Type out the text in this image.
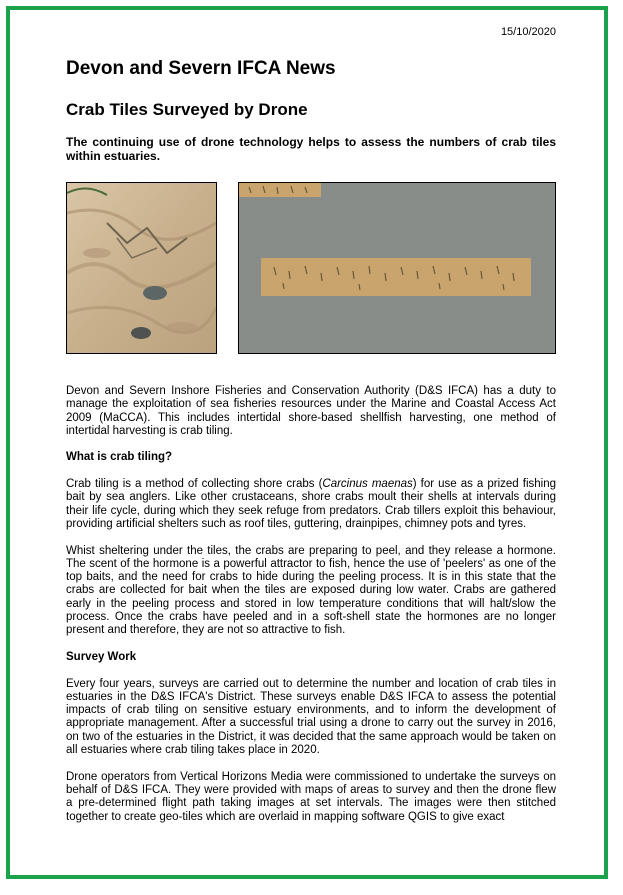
15/10/2020
Devon and Severn IFCA News
Crab Tiles Surveyed by Drone
The continuing use of drone technology helps to assess the numbers of crab tiles within estuaries.

Devon and Severn Inshore Fisheries and Conservation Authority (D&S IFCA) has a duty to manage the exploitation of sea fisheries resources under the Marine and Coastal Access Act 2009 (MaCCA). This includes intertidal shore-based shellfish harvesting, one method of intertidal harvesting is crab tiling.

What is crab tiling?

Crab tiling is a method of collecting shore crabs (Carcinus maenas) for use as a prized fishing bait by sea anglers. Like other crustaceans, shore crabs moult their shells at intervals during their life cycle, during which they seek refuge from predators. Crab tillers exploit this behaviour, providing artificial shelters such as roof tiles, guttering, drainpipes, chimney pots and tyres.

Whist sheltering under the tiles, the crabs are preparing to peel, and they release a hormone. The scent of the hormone is a powerful attractor to fish, hence the use of 'peelers' as one of the top baits, and the need for crabs to hide during the peeling process. It is in this state that the crabs are collected for bait when the tiles are exposed during low water. Crabs are gathered early in the peeling process and stored in low temperature conditions that will halt/slow the process. Once the crabs have peeled and in a soft-shell state the hormones are no longer present and therefore, they are not so attractive to fish.

Survey Work

Every four years, surveys are carried out to determine the number and location of crab tiles in estuaries in the D&S IFCA's District. These surveys enable D&S IFCA to assess the potential impacts of crab tiling on sensitive estuary environments, and to inform the development of appropriate management. After a successful trial using a drone to carry out the survey in 2016, on two of the estuaries in the District, it was decided that the same approach would be taken on all estuaries where crab tiling takes place in 2020.

Drone operators from Vertical Horizons Media were commissioned to undertake the surveys on behalf of D&S IFCA. They were provided with maps of areas to survey and then the drone flew a pre-determined flight path taking images at set intervals. The images were then stitched together to create geo-tiles which are overlaid in mapping software QGIS to give exact
